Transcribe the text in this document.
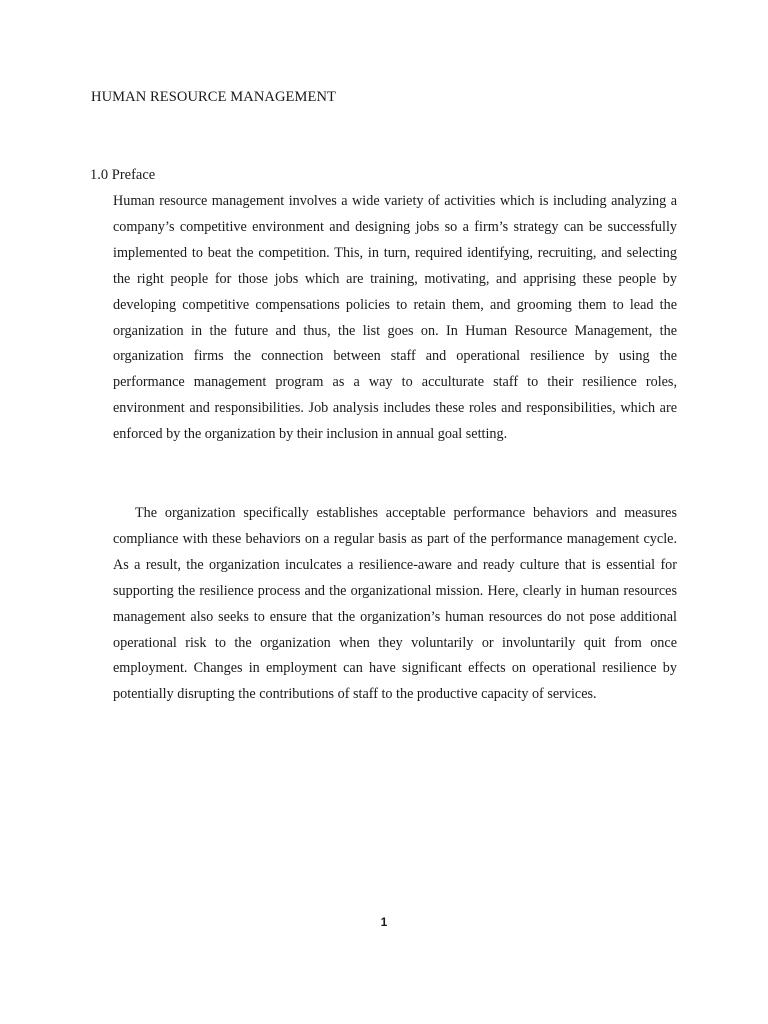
HUMAN RESOURCE MANAGEMENT
1.0 Preface

Human resource management involves a wide variety of activities which is including analyzing a company’s competitive environment and designing jobs so a firm’s strategy can be successfully implemented to beat the competition. This, in turn, required identifying, recruiting, and selecting the right people for those jobs which are training, motivating, and apprising these people by developing competitive compensations policies to retain them, and grooming them to lead the organization in the future and thus, the list goes on. In Human Resource Management, the organization firms the connection between staff and operational resilience by using the performance management program as a way to acculturate staff to their resilience roles, environment and responsibilities. Job analysis includes these roles and responsibilities, which are enforced by the organization by their inclusion in annual goal setting.

The organization specifically establishes acceptable performance behaviors and measures compliance with these behaviors on a regular basis as part of the performance management cycle. As a result, the organization inculcates a resilience-aware and ready culture that is essential for supporting the resilience process and the organizational mission. Here, clearly in human resources management also seeks to ensure that the organization’s human resources do not pose additional operational risk to the organization when they voluntarily or involuntarily quit from once employment. Changes in employment can have significant effects on operational resilience by potentially disrupting the contributions of staff to the productive capacity of services.

1
